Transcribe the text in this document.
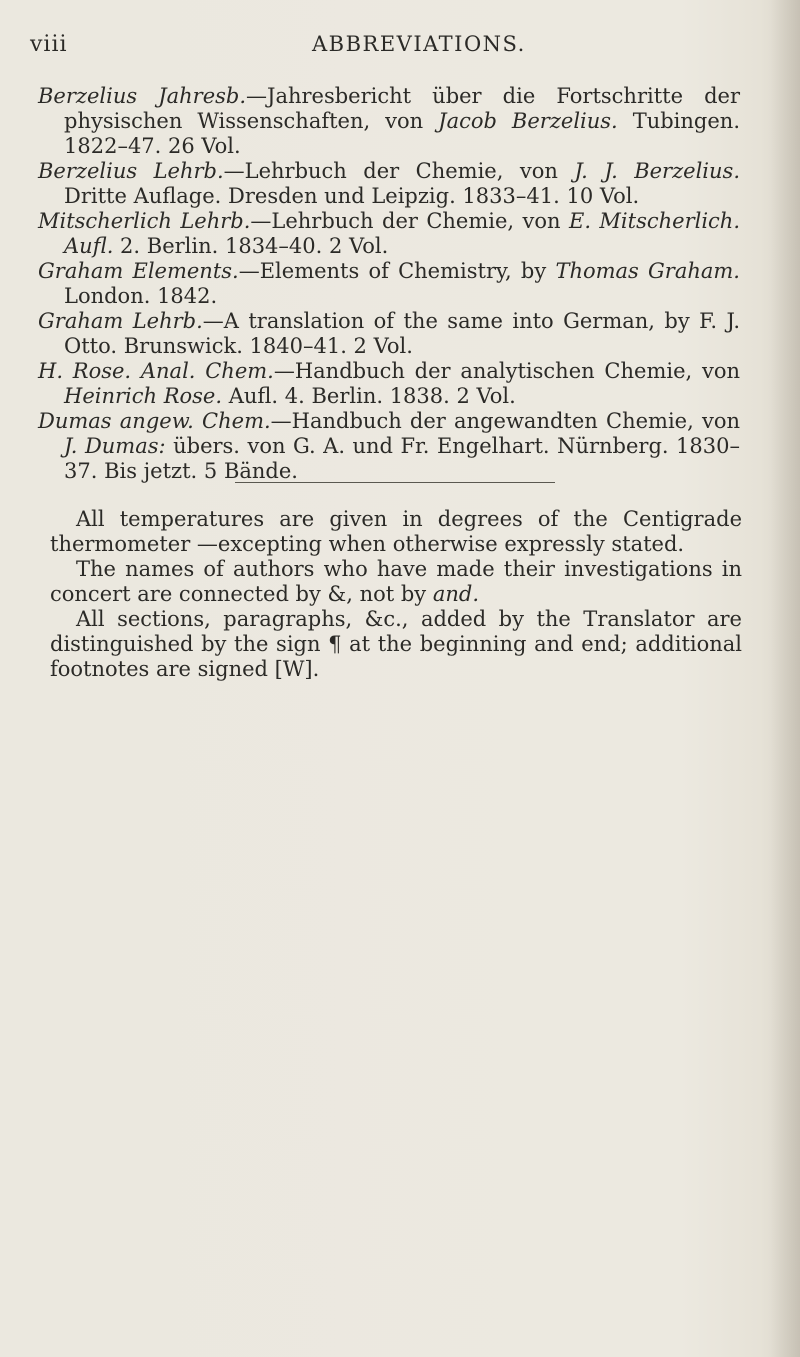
viii	ABBREVIATIONS.
Berzelius Jahresb.—Jahresbericht über die Fortschritte der physischen Wissenschaften, von Jacob Berzelius. Tubingen. 1822–47. 26 Vol.
Berzelius Lehrb.—Lehrbuch der Chemie, von J. J. Berzelius. Dritte Auflage. Dresden und Leipzig. 1833–41. 10 Vol.
Mitscherlich Lehrb.—Lehrbuch der Chemie, von E. Mitscherlich. Aufl. 2. Berlin. 1834–40. 2 Vol.
Graham Elements.—Elements of Chemistry, by Thomas Graham. London. 1842.
Graham Lehrb.—A translation of the same into German, by F. J. Otto. Brunswick. 1840–41. 2 Vol.
H. Rose. Anal. Chem.—Handbuch der analytischen Chemie, von Heinrich Rose. Aufl. 4. Berlin. 1838. 2 Vol.
Dumas angew. Chem.—Handbuch der angewandten Chemie, von J. Dumas: übers. von G. A. und Fr. Engelhart. Nürnberg. 1830–37. Bis jetzt. 5 Bände.

All temperatures are given in degrees of the Centigrade thermometer —excepting when otherwise expressly stated.

The names of authors who have made their investigations in concert are connected by &, not by and.

All sections, paragraphs, &c., added by the Translator are distinguished by the sign ¶ at the beginning and end; additional footnotes are signed [W].
